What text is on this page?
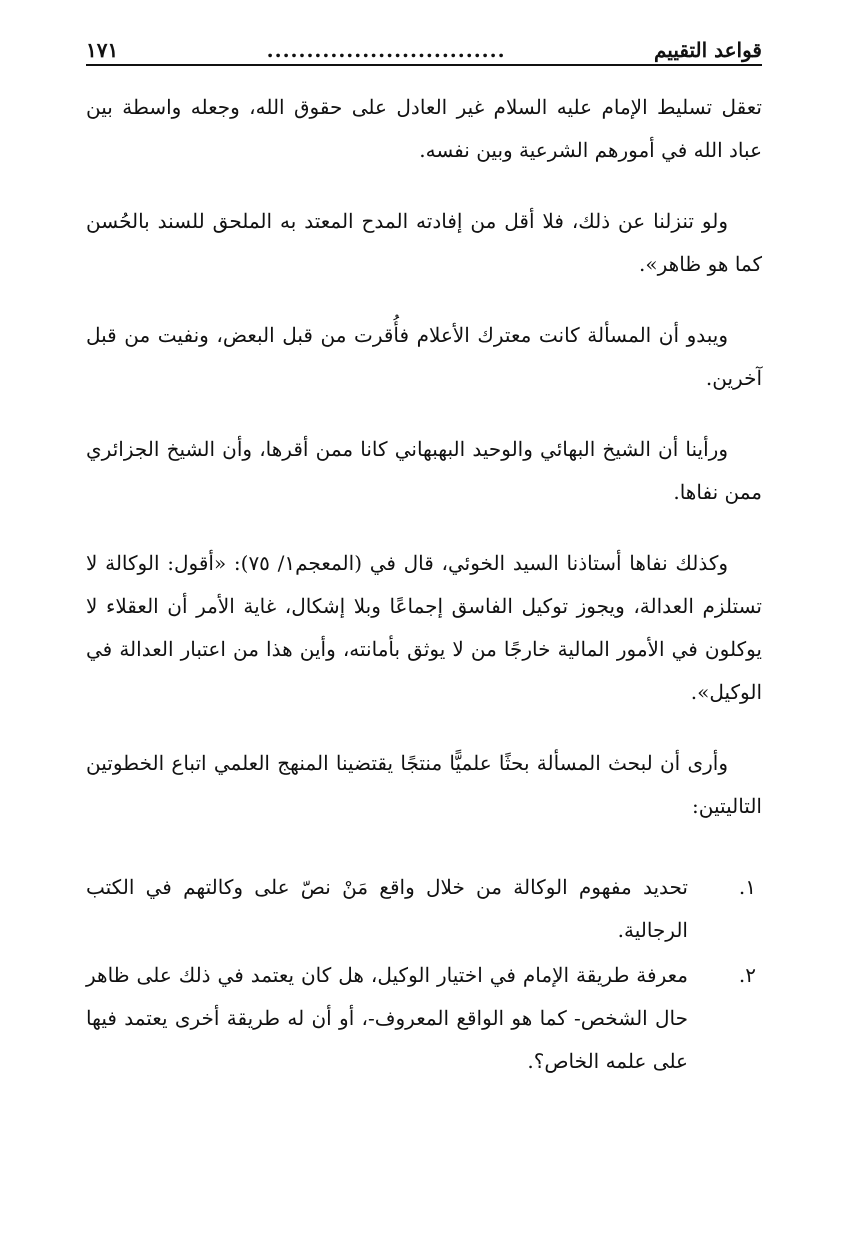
قواعد التقييم
..............................
١٧١

تعقل تسليط الإمام عليه السلام غير العادل على حقوق الله، وجعله واسطة بين عباد الله في أمورهم الشرعية وبين نفسه.

ولو تنزلنا عن ذلك، فلا أقل من إفادته المدح المعتد به الملحق للسند بالحُسن كما هو ظاهر».

ويبدو أن المسألة كانت معترك الأعلام فأُقرت من قبل البعض، ونفيت من قبل آخرين.

ورأينا أن الشيخ البهائي والوحيد البهبهاني كانا ممن أقرها، وأن الشيخ الجزائري ممن نفاها.

وكذلك نفاها أستاذنا السيد الخوئي، قال في (المعجم١/ ٧٥): «أقول: الوكالة لا تستلزم العدالة، ويجوز توكيل الفاسق إجماعًا وبلا إشكال، غاية الأمر أن العقلاء لا يوكلون في الأمور المالية خارجًا من لا يوثق بأمانته، وأين هذا من اعتبار العدالة في الوكيل».

وأرى أن لبحث المسألة بحثًا علميًّا منتجًا يقتضينا المنهج العلمي اتباع الخطوتين التاليتين:

١.
تحديد مفهوم الوكالة من خلال واقع مَنْ نصّ على وكالتهم في الكتب الرجالية.
٢.
معرفة طريقة الإمام في اختيار الوكيل، هل كان يعتمد في ذلك على ظاهر حال الشخص- كما هو الواقع المعروف-، أو أن له طريقة أخرى يعتمد فيها على علمه الخاص؟.
